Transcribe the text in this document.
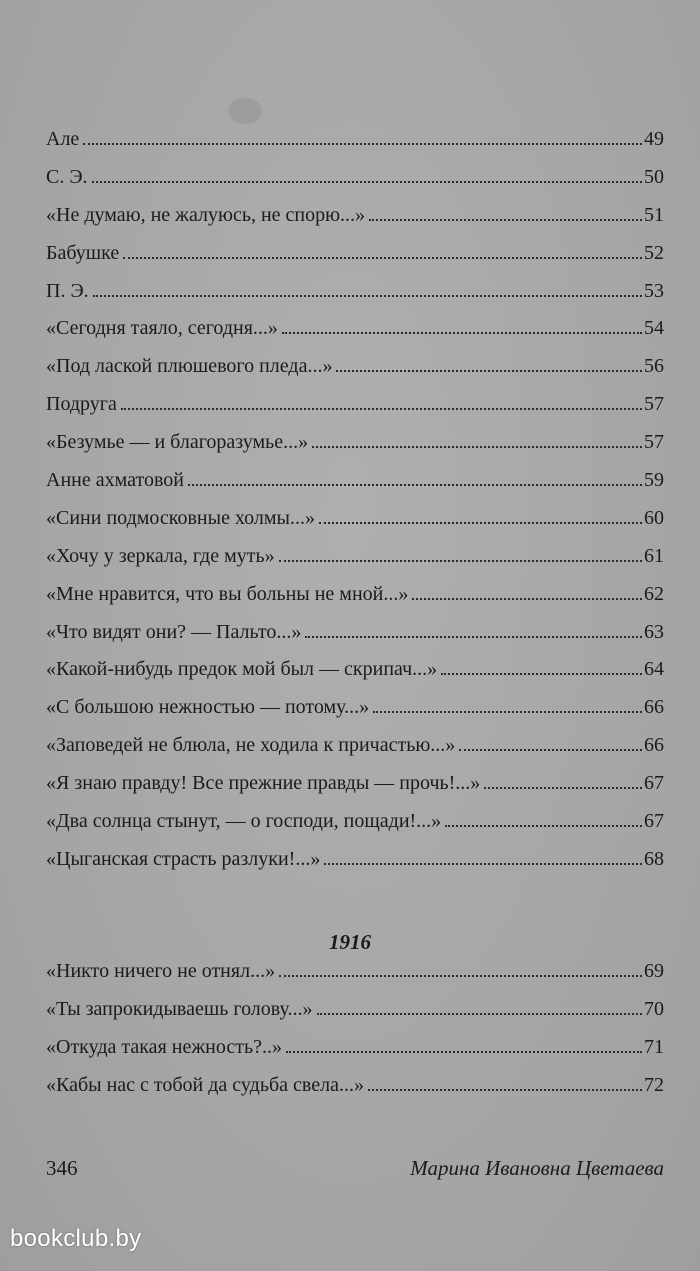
Але	49
С. Э.	50
«Не думаю, не жалуюсь, не спорю...»	51
Бабушке	52
П. Э.	53
«Сегодня таяло, сегодня...»	54
«Под лаской плюшевого пледа...»	56
Подруга	57
«Безумье — и благоразумье...»	57
Анне ахматовой	59
«Сини подмосковные холмы...»	60
«Хочу у зеркала, где муть»	61
«Мне нравится, что вы больны не мной...»	62
«Что видят они? — Пальто...»	63
«Какой-нибудь предок мой был — скрипач...»	64
«С большою нежностью — потому...»	66
«Заповедей не блюла, не ходила к причастью...»	66
«Я знаю правду! Все прежние правды — прочь!...»	67
«Два солнца стынут, — о господи, пощади!...»	67
«Цыганская страсть разлуки!...»	68
1916
«Никто ничего не отнял...»	69
«Ты запрокидываешь голову...»	70
«Откуда такая нежность?..»	71
«Кабы нас с тобой да судьба свела...»	72
346	Марина Ивановна Цветаева
bookclub.by
